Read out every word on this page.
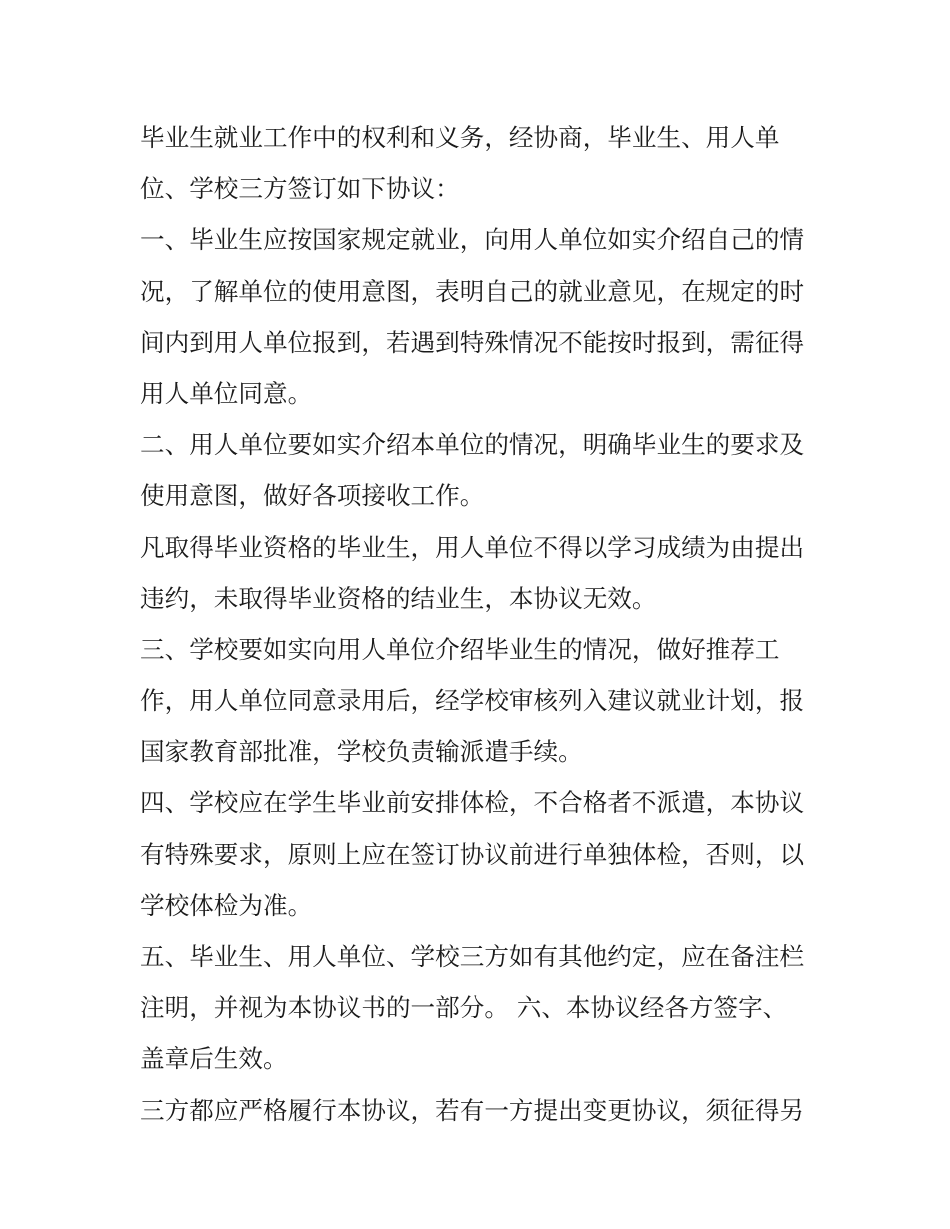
毕业生就业工作中的权利和义务，经协商，毕业生、用人单
位、学校三方签订如下协议：
一、毕业生应按国家规定就业，向用人单位如实介绍自己的情
况，了解单位的使用意图，表明自己的就业意见，在规定的时
间内到用人单位报到，若遇到特殊情况不能按时报到，需征得
用人单位同意。
二、用人单位要如实介绍本单位的情况，明确毕业生的要求及
使用意图，做好各项接收工作。
凡取得毕业资格的毕业生，用人单位不得以学习成绩为由提出
违约，未取得毕业资格的结业生，本协议无效。
三、学校要如实向用人单位介绍毕业生的情况，做好推荐工
作，用人单位同意录用后，经学校审核列入建议就业计划，报
国家教育部批准，学校负责输派遣手续。
四、学校应在学生毕业前安排体检，不合格者不派遣，本协议
有特殊要求，原则上应在签订协议前进行单独体检，否则，以
学校体检为准。
五、毕业生、用人单位、学校三方如有其他约定，应在备注栏
注明，并视为本协议书的一部分。 六、本协议经各方签字、
盖章后生效。
三方都应严格履行本协议，若有一方提出变更协议，须征得另
